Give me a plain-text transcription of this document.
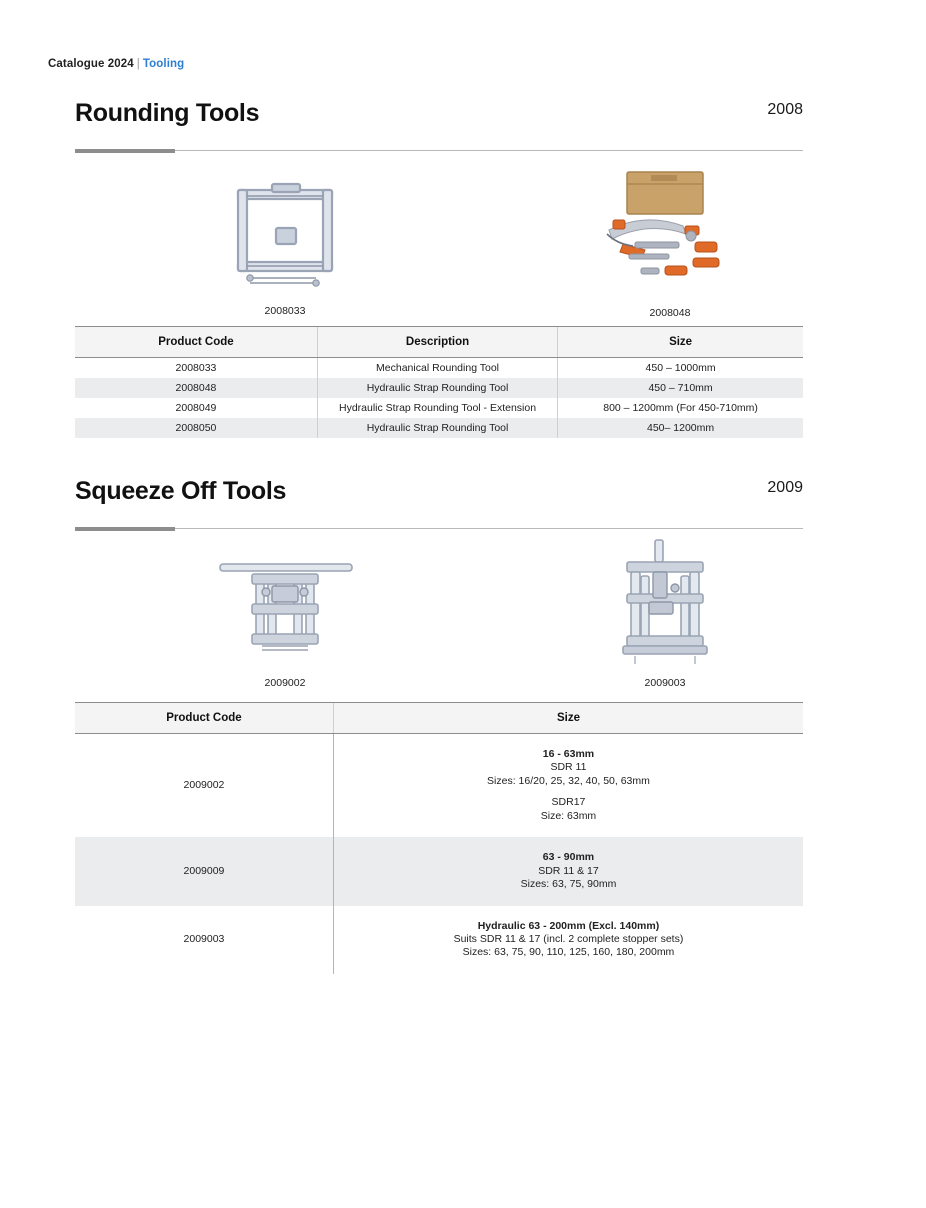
Catalogue 2024 | Tooling
Rounding Tools	2008
2008033	2008048
Product Code	Description	Size
2008033	Mechanical Rounding Tool	450 – 1000mm
2008048	Hydraulic Strap Rounding Tool	450 – 710mm
2008049	Hydraulic Strap Rounding Tool - Extension	800 – 1200mm (For 450-710mm)
2008050	Hydraulic Strap Rounding Tool	450– 1200mm
Squeeze Off Tools	2009
2009002	2009003
Product Code	Size
2009002	16 - 63mm
SDR 11
Sizes: 16/20, 25, 32, 40, 50, 63mm

SDR17
Size: 63mm

2009009	63 - 90mm
SDR 11 & 17
Sizes: 63, 75, 90mm

2009003	Hydraulic 63 - 200mm (Excl. 140mm)
Suits SDR 11 & 17 (incl. 2 complete stopper sets)
Sizes: 63, 75, 90, 110, 125, 160, 180, 200mm
